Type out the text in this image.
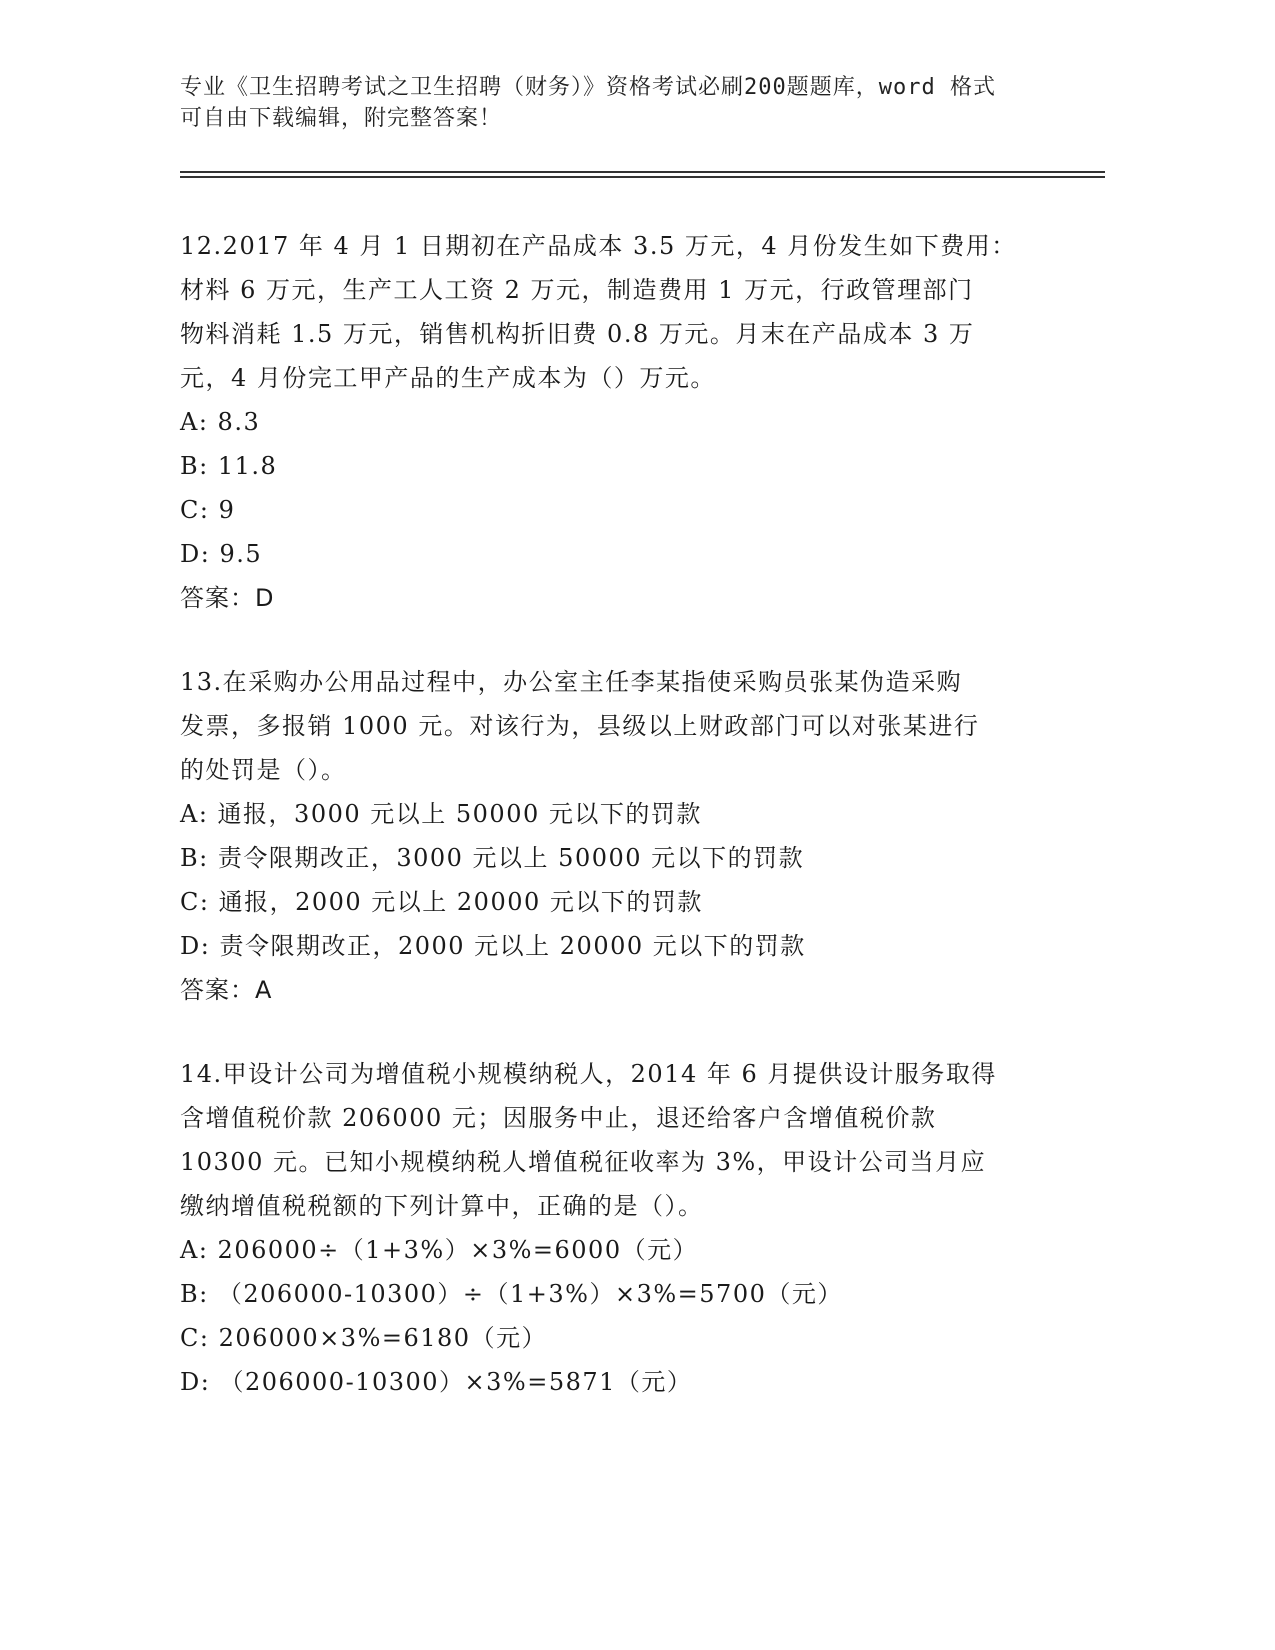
专业《卫生招聘考试之卫生招聘（财务）》资格考试必刷200题题库，word 格式
可自由下载编辑，附完整答案！
12.2017 年 4 月 1 日期初在产品成本 3.5 万元，4 月份发生如下费用：
材料 6 万元，生产工人工资 2 万元，制造费用 1 万元，行政管理部门
物料消耗 1.5 万元，销售机构折旧费 0.8 万元。月末在产品成本 3 万
元，4 月份完工甲产品的生产成本为（）万元。
A: 8.3
B: 11.8
C: 9
D: 9.5
答案：D
13.在采购办公用品过程中，办公室主任李某指使采购员张某伪造采购
发票，多报销 1000 元。对该行为，县级以上财政部门可以对张某进行
的处罚是（）。
A: 通报，3000 元以上 50000 元以下的罚款
B: 责令限期改正，3000 元以上 50000 元以下的罚款
C: 通报，2000 元以上 20000 元以下的罚款
D: 责令限期改正，2000 元以上 20000 元以下的罚款
答案：A
14.甲设计公司为增值税小规模纳税人，2014 年 6 月提供设计服务取得
含增值税价款 206000 元；因服务中止，退还给客户含增值税价款
10300 元。已知小规模纳税人增值税征收率为 3%，甲设计公司当月应
缴纳增值税税额的下列计算中，正确的是（）。
A: 206000÷（1+3%）×3%=6000（元）
B: （206000-10300）÷（1+3%）×3%=5700（元）
C: 206000×3%=6180（元）
D: （206000-10300）×3%=5871（元）
